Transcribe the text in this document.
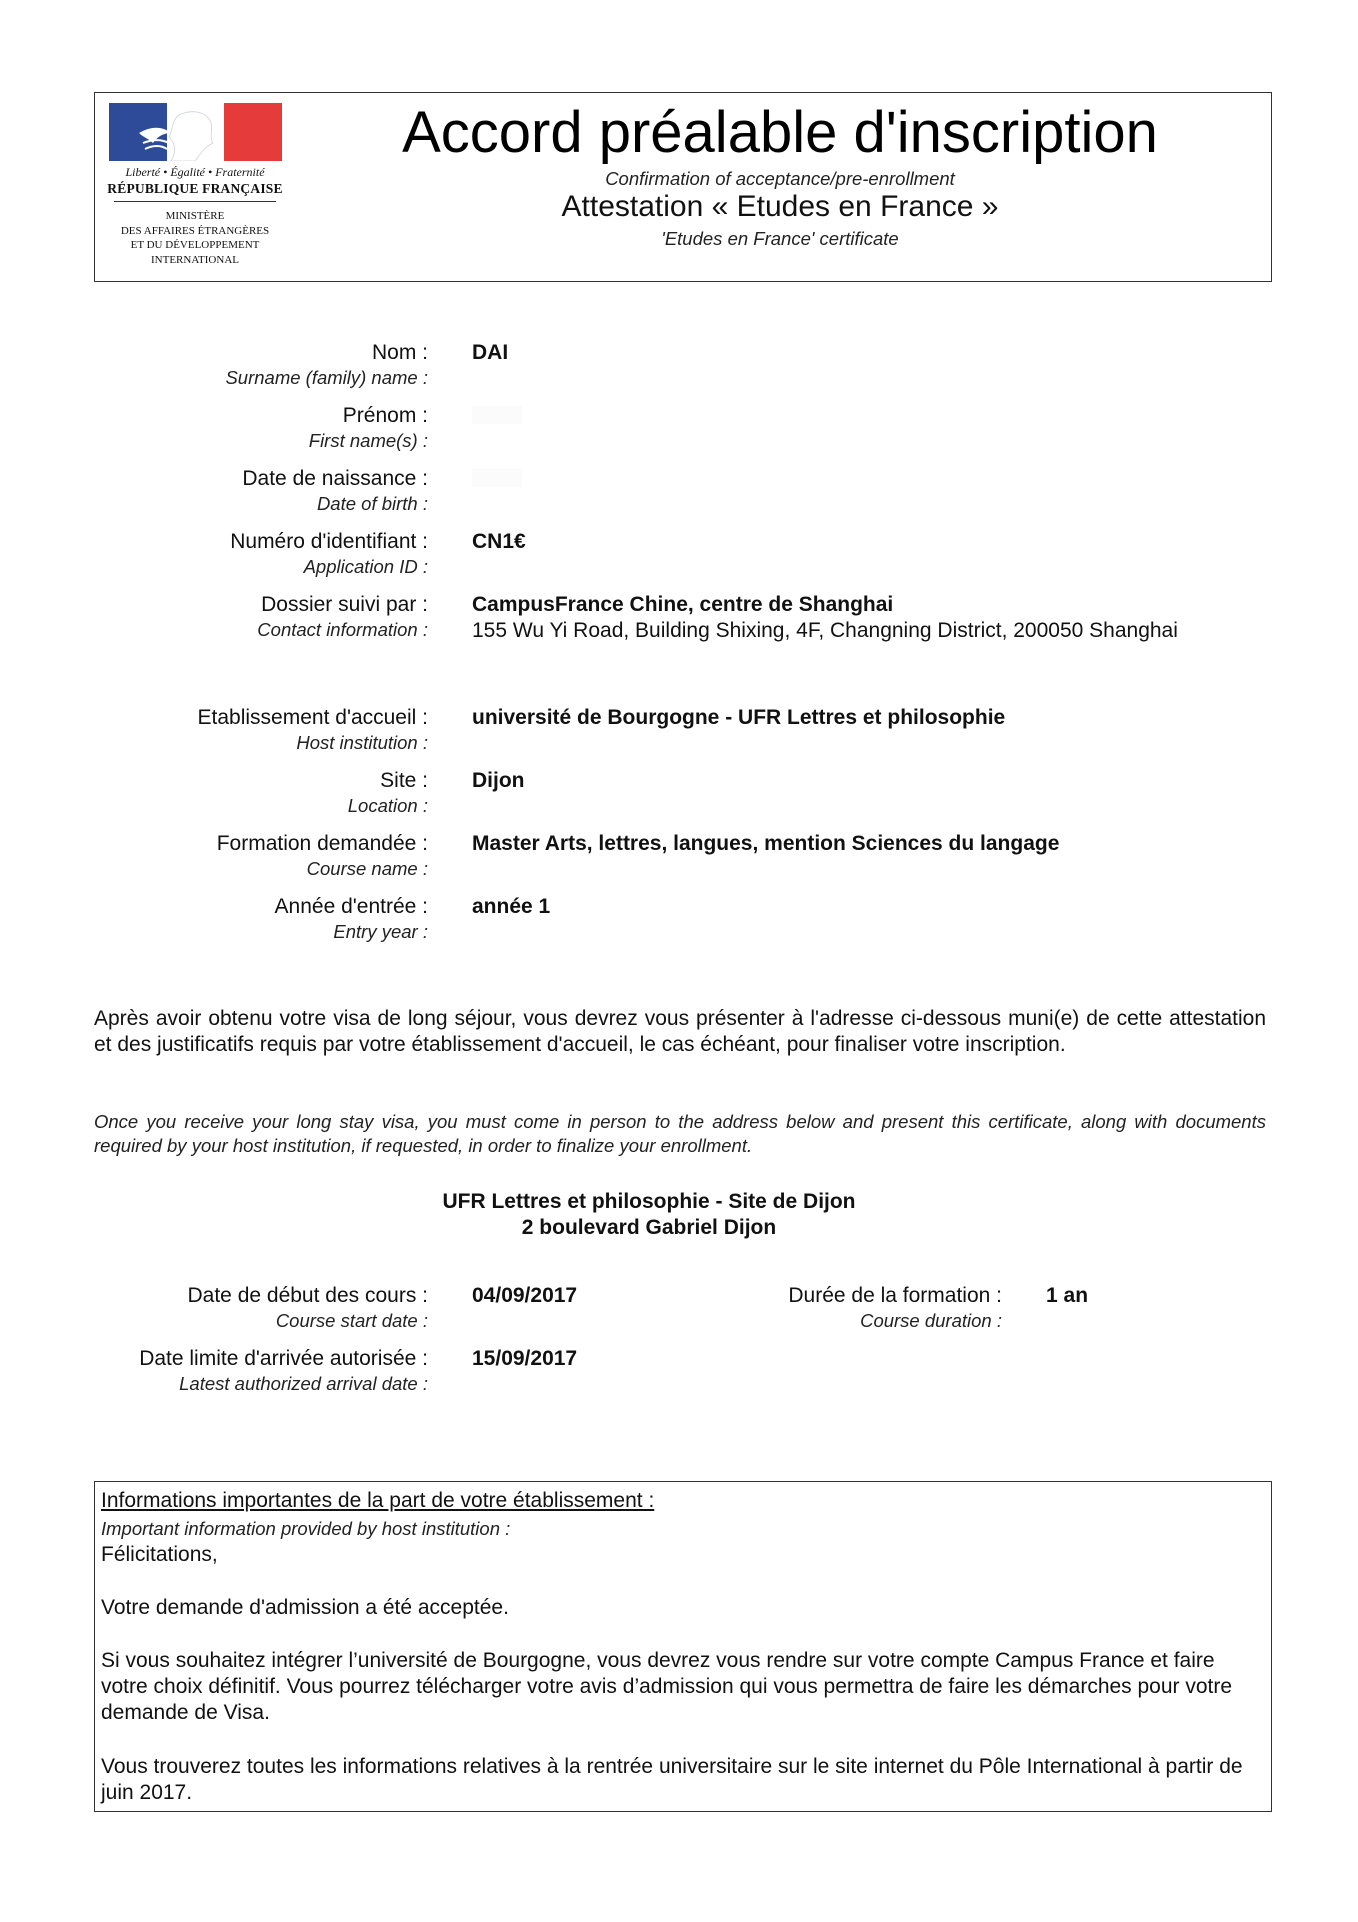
Liberté • Égalité • Fraternité
RÉPUBLIQUE FRANÇAISE
MINISTÈRE
DES AFFAIRES ÉTRANGÈRES
ET DU DÉVELOPPEMENT
INTERNATIONAL
Accord préalable d'inscription
Confirmation of acceptance/pre-enrollment
Attestation « Etudes en France »
'Etudes en France' certificate
Nom :
Surname (family) name :
DAI
Prénom :
First name(s) :
Date de naissance :
Date of birth :
Numéro d'identifiant :
Application ID :
CN1€
Dossier suivi par :
Contact information :
CampusFrance Chine, centre de Shanghai
155 Wu Yi Road, Building Shixing, 4F, Changning District, 200050 Shanghai
Etablissement d'accueil :
Host institution :
université de Bourgogne - UFR Lettres et philosophie
Site :
Location :
Dijon
Formation demandée :
Course name :
Master Arts, lettres, langues, mention Sciences du langage
Année d'entrée :
Entry year :
année 1
Après avoir obtenu votre visa de long séjour, vous devrez vous présenter à l'adresse ci-dessous muni(e) de cette attestation et des justificatifs requis par votre établissement d'accueil, le cas échéant, pour finaliser votre inscription.
Once you receive your long stay visa, you must come in person to the address below and present this certificate, along with documents required by your host institution, if requested, in order to finalize your enrollment.
UFR Lettres et philosophie - Site de Dijon
2 boulevard Gabriel Dijon
Date de début des cours :
Course start date :
04/09/2017	Durée de la formation :
Course duration :
1 an
Date limite d'arrivée autorisée :
Latest authorized arrival date :
15/09/2017
Informations importantes de la part de votre établissement :
Important information provided by host institution :
Félicitations,
Votre demande d'admission a été acceptée.
Si vous souhaitez intégrer l’université de Bourgogne, vous devrez vous rendre sur votre compte Campus France et faire votre choix définitif. Vous pourrez télécharger votre avis d’admission qui vous permettra de faire les démarches pour votre demande de Visa.
Vous trouverez toutes les informations relatives à la rentrée universitaire sur le site internet du Pôle International à partir de juin 2017.
